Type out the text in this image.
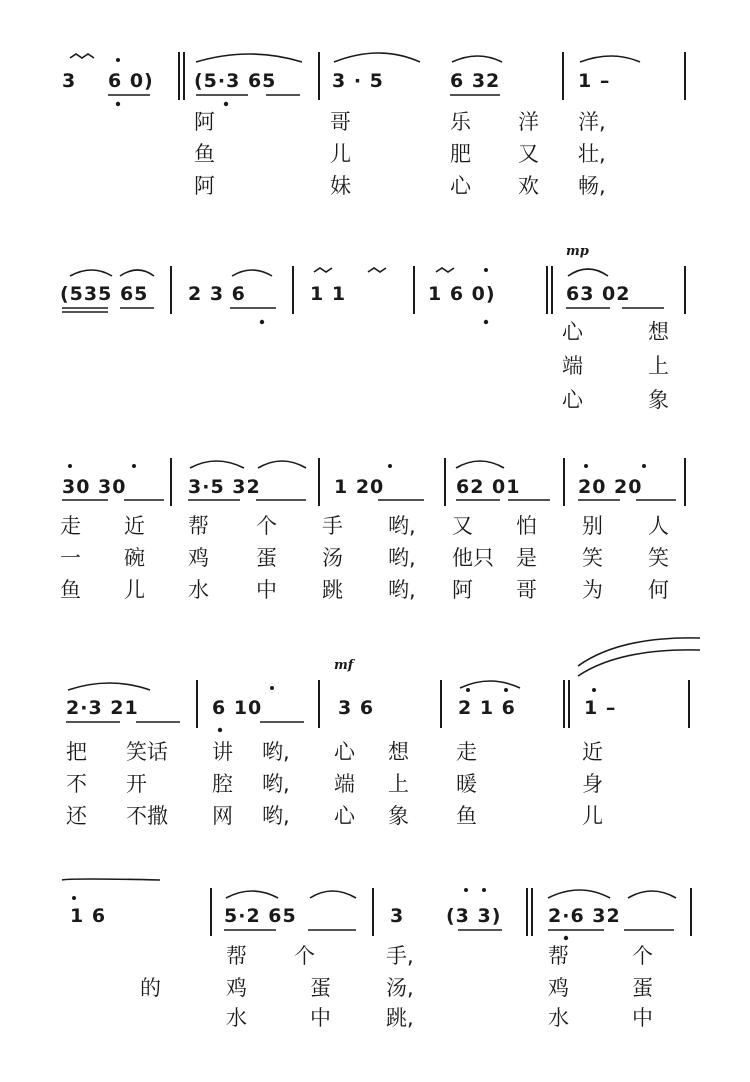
3 6 0) (5·3 65	3 · 5	6 32	1 –
阿	哥	乐 洋 洋,
鱼	儿	肥 又 壮,
阿	妹	心 欢 畅,
(535 65 2 3 6	1 1	1 6 0)
mp
63 02
心	想
端	上
心	象
30 30	3·5 32	1 20	62 01	20 20
走 近 帮 个 手 哟, 又 怕 别 人
一 碗 鸡 蛋 汤 哟, 他只 是 笑 笑
鱼 儿 水 中 跳 哟, 阿 哥 为 何
2·3 21	6 10
mf
3 6	2 1 6	1 –
把 笑话 讲 哟, 心 想 走	近
不 开	腔 哟, 端 上 暖	身
还 不撒 网 哟, 心 象 鱼	儿
1 6	5·2 65	3 (3 3) 2·6 32
帮 个	手,	帮	个
的	鸡	蛋	汤,	鸡	蛋
水	中	跳,	水	中
